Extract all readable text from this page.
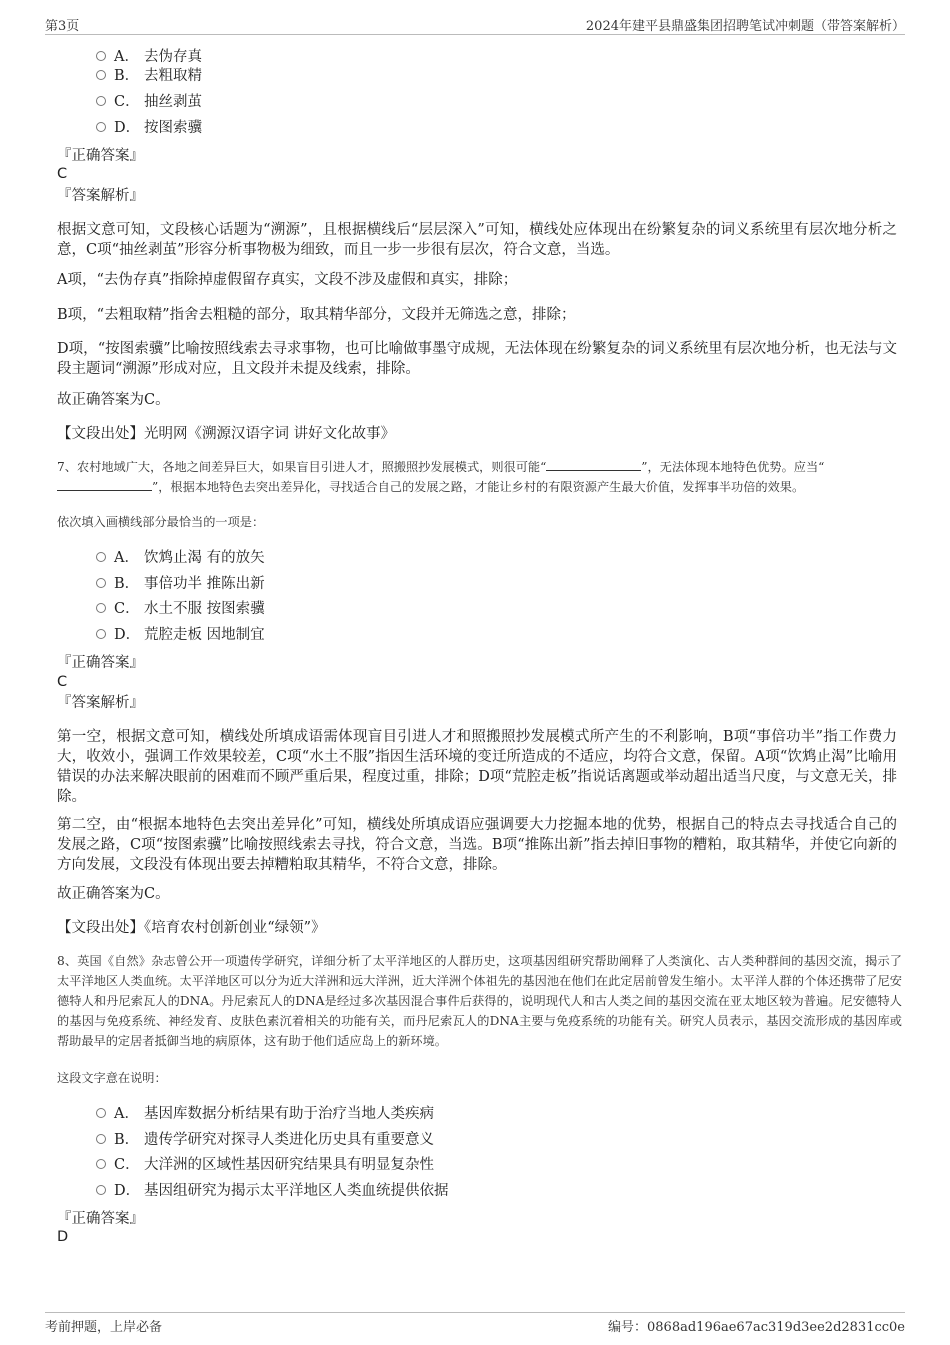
第3页	2024年建平县鼎盛集团招聘笔试冲刺题（带答案解析）
A． 去伪存真
B． 去粗取精
C． 抽丝剥茧
D． 按图索骥
『正确答案』
C
『答案解析』
根据文意可知，文段核心话题为“溯源”，且根据横线后“层层深入”可知，横线处应体现出在纷繁复杂的词义系统里有层次地分析之意，C项“抽丝剥茧”形容分析事物极为细致，而且一步一步很有层次，符合文意，当选。
A项，“去伪存真”指除掉虚假留存真实，文段不涉及虚假和真实，排除；
B项，“去粗取精”指舍去粗糙的部分，取其精华部分，文段并无筛选之意，排除；
D项，“按图索骥”比喻按照线索去寻求事物，也可比喻做事墨守成规，无法体现在纷繁复杂的词义系统里有层次地分析，也无法与文段主题词“溯源”形成对应，且文段并未提及线索，排除。
故正确答案为C。
【文段出处】光明网《溯源汉语字词 讲好文化故事》
7、农村地域广大，各地之间差异巨大，如果盲目引进人才，照搬照抄发展模式，则很可能“	”，无法体现本地特色优势。应当“
”，根据本地特色去突出差异化，寻找适合自己的发展之路，才能让乡村的有限资源产生最大价值，发挥事半功倍的效果。
依次填入画横线部分最恰当的一项是：
A． 饮鸩止渴 有的放矢
B． 事倍功半 推陈出新
C． 水土不服 按图索骥
D． 荒腔走板 因地制宜
『正确答案』
C
『答案解析』
第一空，根据文意可知，横线处所填成语需体现盲目引进人才和照搬照抄发展模式所产生的不利影响，B项“事倍功半”指工作费力大，收效小，强调工作效果较差，C项“水土不服”指因生活环境的变迁所造成的不适应，均符合文意，保留。A项“饮鸩止渴”比喻用错误的办法来解决眼前的困难而不顾严重后果，程度过重，排除；D项“荒腔走板”指说话离题或举动超出适当尺度，与文意无关，排除。
第二空，由“根据本地特色去突出差异化”可知，横线处所填成语应强调要大力挖掘本地的优势，根据自己的特点去寻找适合自己的发展之路，C项“按图索骥”比喻按照线索去寻找，符合文意，当选。B项“推陈出新”指去掉旧事物的糟粕，取其精华，并使它向新的方向发展，文段没有体现出要去掉糟粕取其精华，不符合文意，排除。
故正确答案为C。
【文段出处】《培育农村创新创业“绿领”》
8、英国《自然》杂志曾公开一项遗传学研究，详细分析了太平洋地区的人群历史，这项基因组研究帮助阐释了人类演化、古人类种群间的基因交流，揭示了太平洋地区人类血统。太平洋地区可以分为近大洋洲和远大洋洲，近大洋洲个体祖先的基因池在他们在此定居前曾发生缩小。太平洋人群的个体还携带了尼安德特人和丹尼索瓦人的DNA。丹尼索瓦人的DNA是经过多次基因混合事件后获得的，说明现代人和古人类之间的基因交流在亚太地区较为普遍。尼安德特人的基因与免疫系统、神经发育、皮肤色素沉着相关的功能有关，而丹尼索瓦人的DNA主要与免疫系统的功能有关。研究人员表示，基因交流形成的基因库或帮助最早的定居者抵御当地的病原体，这有助于他们适应岛上的新环境。
这段文字意在说明：
A． 基因库数据分析结果有助于治疗当地人类疾病
B． 遗传学研究对探寻人类进化历史具有重要意义
C． 大洋洲的区域性基因研究结果具有明显复杂性
D． 基因组研究为揭示太平洋地区人类血统提供依据
『正确答案』
D
考前押题，上岸必备	编号：0868ad196ae67ac319d3ee2d2831cc0e
